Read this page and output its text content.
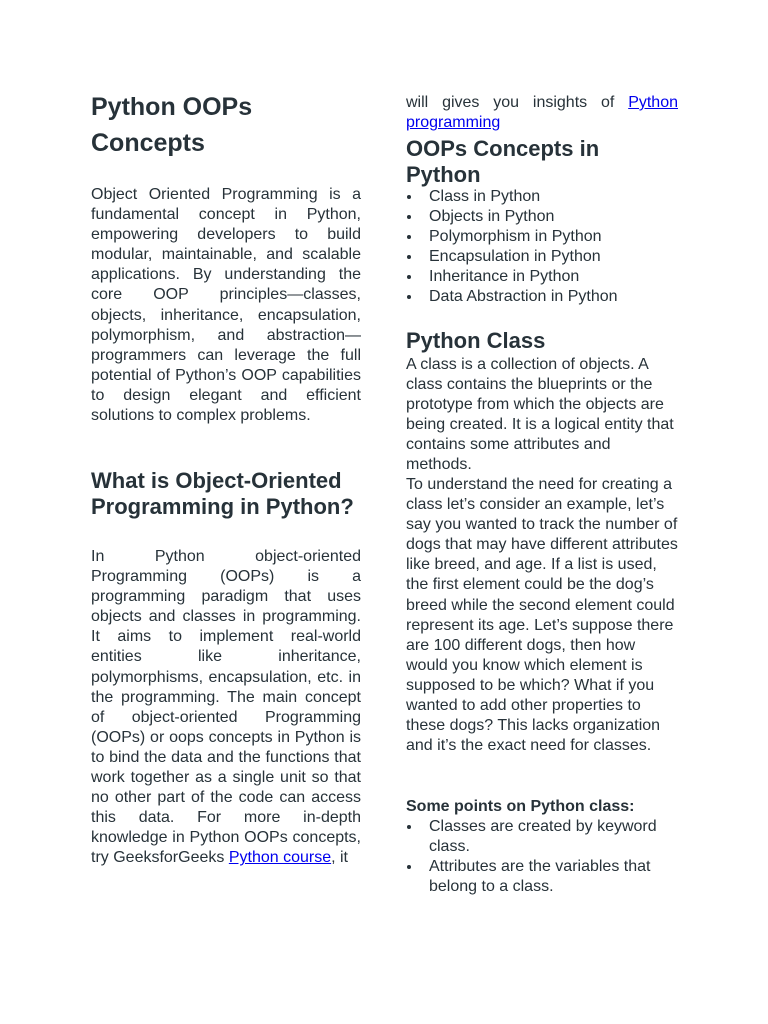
Python OOPs Concepts

Object Oriented Programming is a fundamental concept in Python, empowering developers to build modular, maintainable, and scalable applications. By understanding the core OOP principles—classes, objects, inheritance, encapsulation, polymorphism, and abstraction—programmers can leverage the full potential of Python’s OOP capabilities to design elegant and efficient solutions to complex problems.

What is Object-Oriented Programming in Python?

In Python object-oriented Programming (OOPs) is a programming paradigm that uses objects and classes in programming. It aims to implement real-world entities like inheritance, polymorphisms, encapsulation, etc. in the programming. The main concept of object-oriented Programming (OOPs) or oops concepts in Python is to bind the data and the functions that work together as a single unit so that no other part of the code can access this data. For more in-depth knowledge in Python OOPs concepts, try GeeksforGeeks Python course, it

will gives you insights of Python programming

OOPs Concepts in Python
Class in Python
Objects in Python
Polymorphism in Python
Encapsulation in Python
Inheritance in Python
Data Abstraction in Python
Python Class

A class is a collection of objects. A class contains the blueprints or the prototype from which the objects are being created. It is a logical entity that contains some attributes and methods.

To understand the need for creating a class let’s consider an example, let’s say you wanted to track the number of dogs that may have different attributes like breed, and age. If a list is used, the first element could be the dog’s breed while the second element could represent its age. Let’s suppose there are 100 different dogs, then how would you know which element is supposed to be which? What if you wanted to add other properties to these dogs? This lacks organization and it’s the exact need for classes.

Some points on Python class:

Classes are created by keyword class.
Attributes are the variables that belong to a class.
